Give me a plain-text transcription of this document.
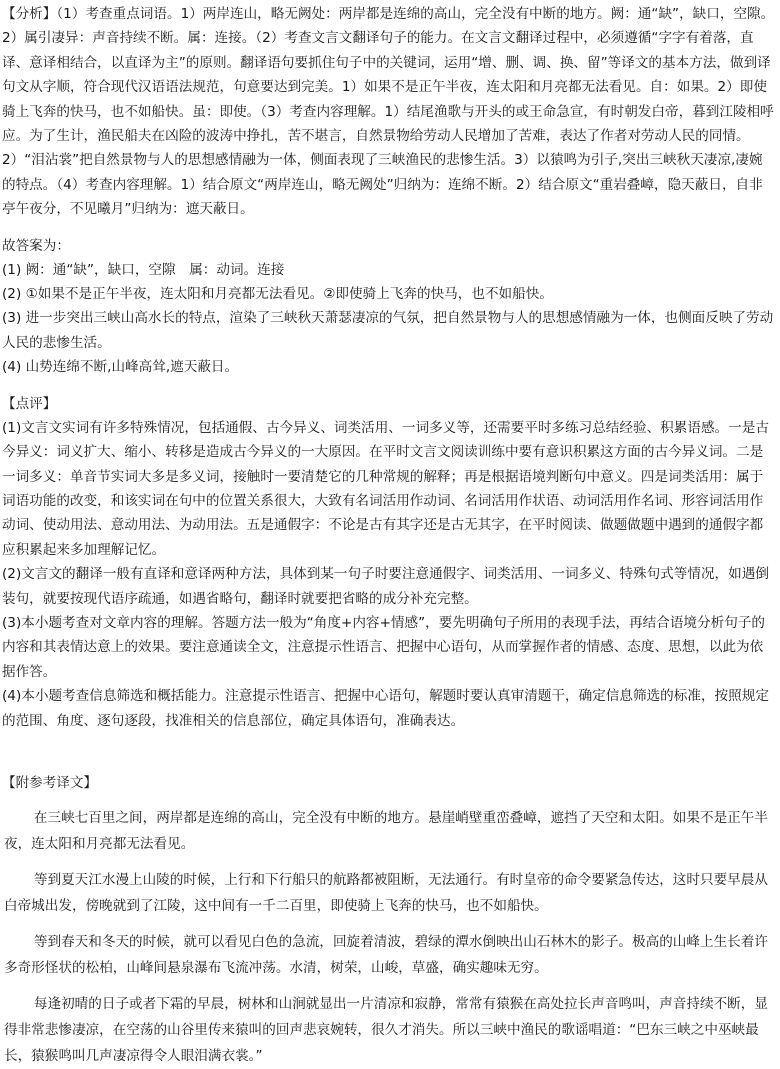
【分析】（1）考查重点词语。1）两岸连山，略无阙处：两岸都是连绵的高山，完全没有中断的地方。阙：通“缺”，缺口，空隙。2）属引凄异：声音持续不断。属：连接。（2）考查文言文翻译句子的能力。在文言文翻译过程中，必须遵循“字字有着落，直译、意译相结合，以直译为主”的原则。翻译语句要抓住句子中的关键词，运用“增、删、调、换、留”等译文的基本方法，做到译句文从字顺，符合现代汉语语法规范，句意要达到完美。1）如果不是正午半夜，连太阳和月亮都无法看见。自：如果。2）即使骑上飞奔的快马，也不如船快。虽：即使。（3）考查内容理解。1）结尾渔歌与开头的或王命急宣，有时朝发白帝，暮到江陵相呼应。为了生计，渔民船夫在凶险的波涛中挣扎，苦不堪言，自然景物给劳动人民增加了苦难，表达了作者对劳动人民的同情。2）“泪沾裳”把自然景物与人的思想感情融为一体，侧面表现了三峡渔民的悲惨生活。3）以猿鸣为引子,突出三峡秋天凄凉,凄婉的特点。（4）考查内容理解。1）结合原文“两岸连山，略无阙处”归纳为：连绵不断。2）结合原文“重岩叠嶂，隐天蔽日，自非亭午夜分，不见曦月”归纳为：遮天蔽日。

故答案为：

(1) 阙：通“缺”，缺口，空隙　属：动词。连接

(2) ①如果不是正午半夜，连太阳和月亮都无法看见。②即使骑上飞奔的快马，也不如船快。

(3) 进一步突出三峡山高水长的特点，渲染了三峡秋天萧瑟凄凉的气氛，把自然景物与人的思想感情融为一体，也侧面反映了劳动人民的悲惨生活。

(4) 山势连绵不断,山峰高耸,遮天蔽日。

【点评】

(1)文言文实词有许多特殊情况，包括通假、古今异义、词类活用、一词多义等，还需要平时多练习总结经验、积累语感。一是古今异义：词义扩大、缩小、转移是造成古今异义的一大原因。在平时文言文阅读训练中要有意识积累这方面的古今异义词。二是一词多义：单音节实词大多是多义词，接触时一要清楚它的几种常规的解释；再是根据语境判断句中意义。四是词类活用：属于词语功能的改变，和该实词在句中的位置关系很大，大致有名词活用作动词、名词活用作状语、动词活用作名词、形容词活用作动词、使动用法、意动用法、为动用法。五是通假字：不论是古有其字还是古无其字，在平时阅读、做题做题中遇到的通假字都应积累起来多加理解记忆。

(2)文言文的翻译一般有直译和意译两种方法，具体到某一句子时要注意通假字、词类活用、一词多义、特殊句式等情况，如遇倒装句，就要按现代语序疏通，如遇省略句，翻译时就要把省略的成分补充完整。

(3)本小题考查对文章内容的理解。答题方法一般为“角度+内容+情感”，要先明确句子所用的表现手法，再结合语境分析句子的内容和其表情达意上的效果。要注意通读全文，注意提示性语言、把握中心语句，从而掌握作者的情感、态度、思想，以此为依据作答。

(4)本小题考查信息筛选和概括能力。注意提示性语言、把握中心语句，解题时要认真审清题干，确定信息筛选的标准，按照规定的范围、角度、逐句逐段，找准相关的信息部位，确定具体语句，准确表达。

【附参考译文】

在三峡七百里之间，两岸都是连绵的高山，完全没有中断的地方。悬崖峭壁重峦叠嶂，遮挡了天空和太阳。如果不是正午半夜，连太阳和月亮都无法看见。

等到夏天江水漫上山陵的时候，上行和下行船只的航路都被阻断，无法通行。有时皇帝的命令要紧急传达，这时只要早晨从白帝城出发，傍晚就到了江陵，这中间有一千二百里，即使骑上飞奔的快马，也不如船快。

等到春天和冬天的时候，就可以看见白色的急流，回旋着清波，碧绿的潭水倒映出山石林木的影子。极高的山峰上生长着许多奇形怪状的松柏，山峰间悬泉瀑布飞流冲荡。水清，树荣，山峻，草盛，确实趣味无穷。

每逢初晴的日子或者下霜的早晨，树林和山涧就显出一片清凉和寂静，常常有猿猴在高处拉长声音鸣叫，声音持续不断，显得非常悲惨凄凉，在空荡的山谷里传来猿叫的回声悲哀婉转，很久才消失。所以三峡中渔民的歌谣唱道：“巴东三峡之中巫峡最长，猿猴鸣叫几声凄凉得令人眼泪满衣裳。”
